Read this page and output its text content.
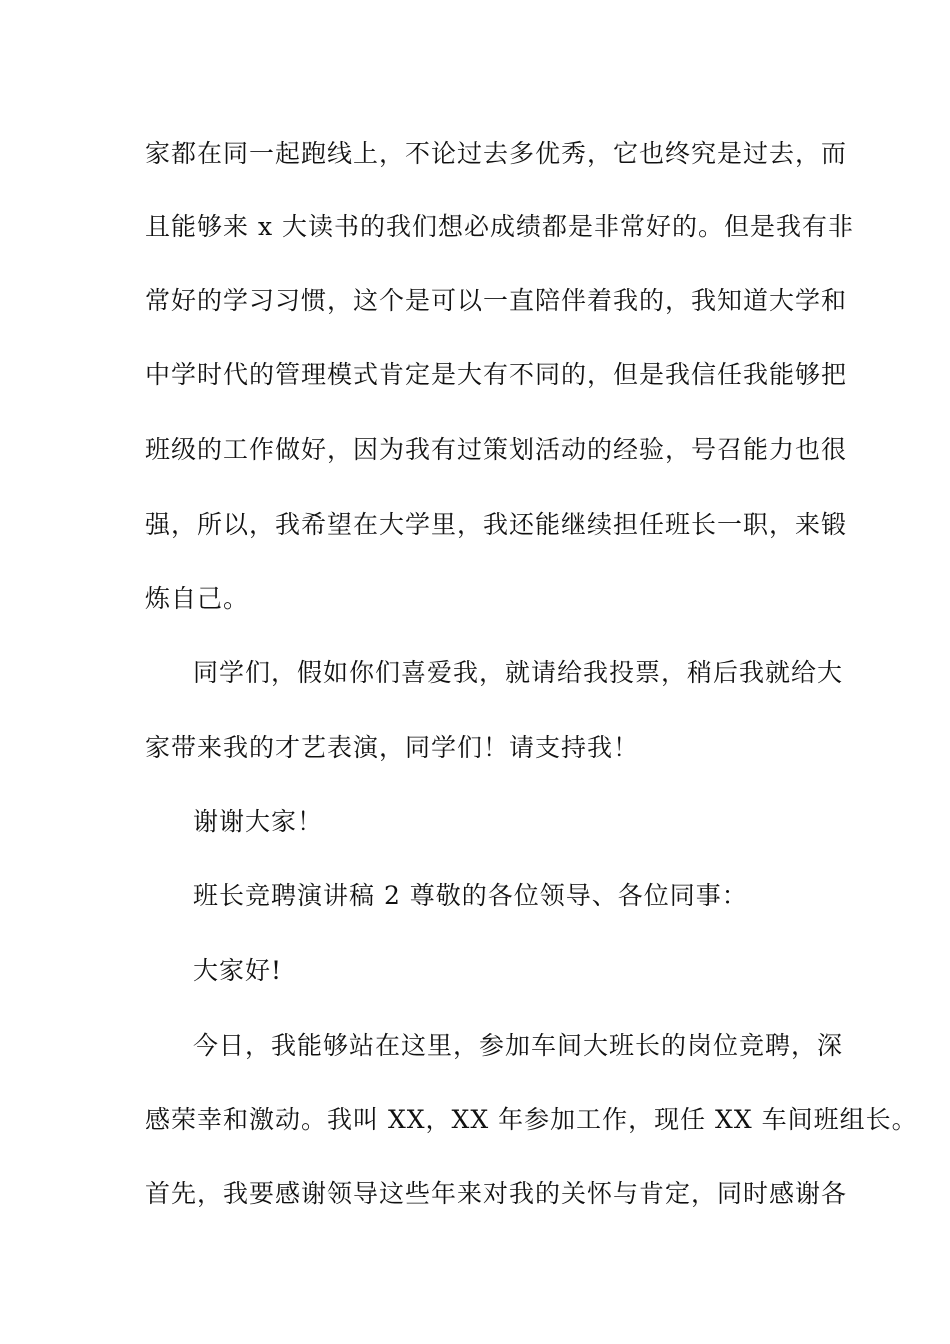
家都在同一起跑线上，不论过去多优秀，它也终究是过去，而
且能够来 x 大读书的我们想必成绩都是非常好的。但是我有非
常好的学习习惯，这个是可以一直陪伴着我的，我知道大学和
中学时代的管理模式肯定是大有不同的，但是我信任我能够把
班级的工作做好，因为我有过策划活动的经验，号召能力也很
强，所以，我希望在大学里，我还能继续担任班长一职，来锻
炼自己。
同学们，假如你们喜爱我，就请给我投票，稍后我就给大
家带来我的才艺表演，同学们！请支持我！
谢谢大家！
班长竞聘演讲稿 2 尊敬的各位领导、各位同事：
大家好!
今日，我能够站在这里，参加车间大班长的岗位竞聘，深
感荣幸和激动。我叫 XX，XX 年参加工作，现任 XX 车间班组长。
首先，我要感谢领导这些年来对我的关怀与肯定，同时感谢各
